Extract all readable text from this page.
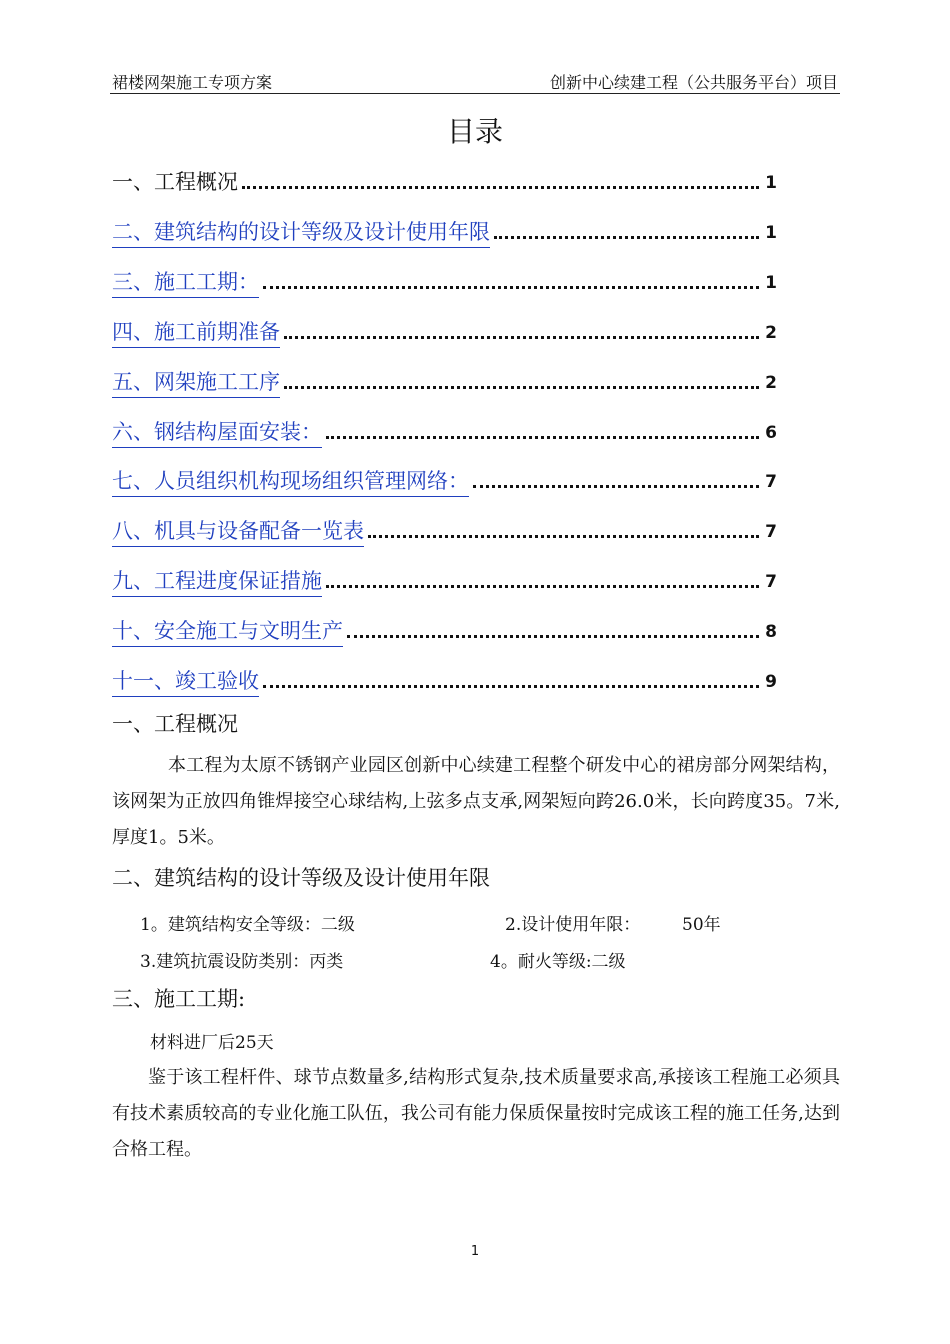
裙楼网架施工专项方案	创新中心续建工程（公共服务平台）项目
目录
一、工程概况	1
二、建筑结构的设计等级及设计使用年限	1
三、施工工期：	1
四、施工前期准备	2
五、网架施工工序	2
六、钢结构屋面安装：	6
七、人员组织机构现场组织管理网络：	7
八、机具与设备配备一览表	7
九、工程进度保证措施	7
十、安全施工与文明生产	8
十一、竣工验收	9
一、工程概况
本工程为太原不锈钢产业园区创新中心续建工程整个研发中心的裙房部分网架结构，该网架为正放四角锥焊接空心球结构,上弦多点支承,网架短向跨26.0米，长向跨度35。7米,厚度1。5米。
二、建筑结构的设计等级及设计使用年限
1。建筑结构安全等级：二级	2.设计使用年限： 50年
3.建筑抗震设防类别：丙类	4。耐火等级:二级
三、施工工期:
材料进厂后25天
鉴于该工程杆件、球节点数量多,结构形式复杂,技术质量要求高,承接该工程施工必须具有技术素质较高的专业化施工队伍，我公司有能力保质保量按时完成该工程的施工任务,达到合格工程。
1
